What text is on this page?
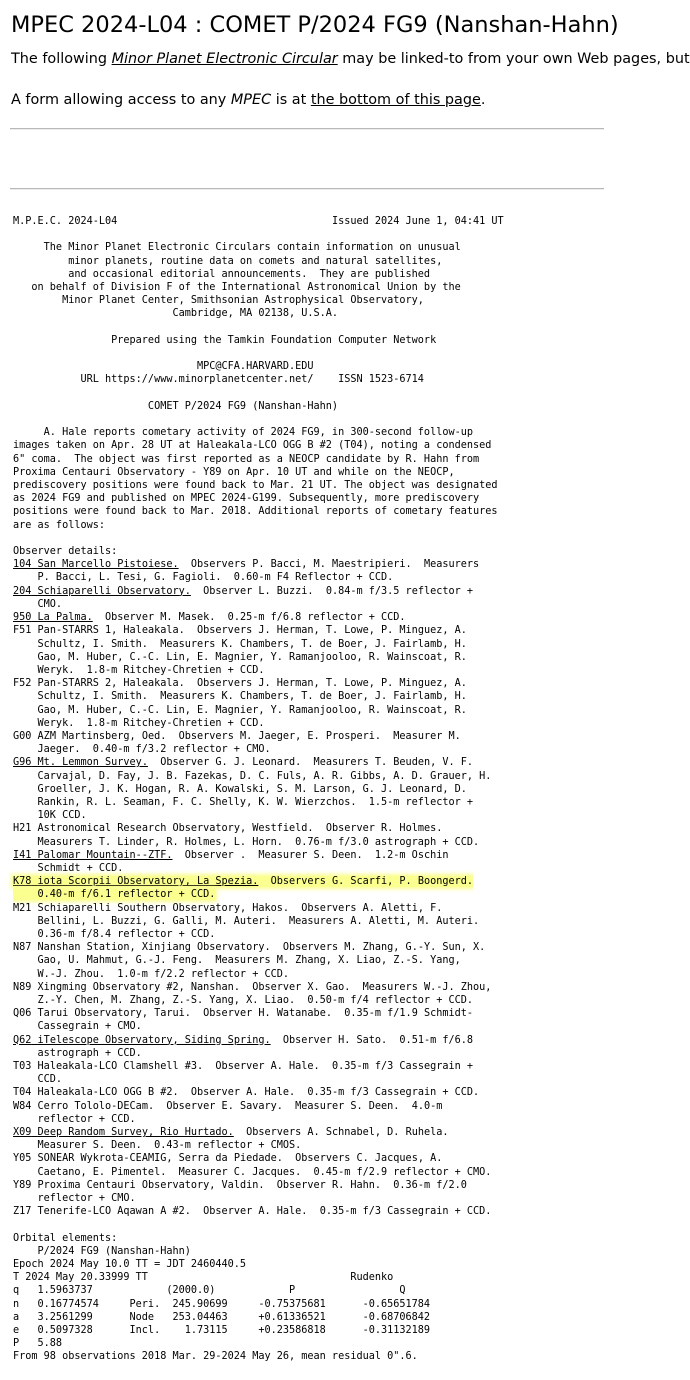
MPEC 2024-L04 : COMET P/2024 FG9 (Nanshan-Hahn)

The following Minor Planet Electronic Circular may be linked-to from your own Web pages, but

A form allowing access to any MPEC is at the bottom of this page.

M.P.E.C. 2024-L04	Issued 2024 June 1, 04:41 UT

The Minor Planet Electronic Circulars contain information on unusual
minor planets, routine data on comets and natural satellites,
and occasional editorial announcements.  They are published
on behalf of Division F of the International Astronomical Union by the
Minor Planet Center, Smithsonian Astrophysical Observatory,
Cambridge, MA 02138, U.S.A.

Prepared using the Tamkin Foundation Computer Network

MPC@CFA.HARVARD.EDU
URL https://www.minorplanetcenter.net/    ISSN 1523-6714

COMET P/2024 FG9 (Nanshan-Hahn)

A. Hale reports cometary activity of 2024 FG9, in 300-second follow-up
images taken on Apr. 28 UT at Haleakala-LCO OGG B #2 (T04), noting a condensed
6" coma.  The object was first reported as a NEOCP candidate by R. Hahn from
Proxima Centauri Observatory - Y89 on Apr. 10 UT and while on the NEOCP,
prediscovery positions were found back to Mar. 21 UT. The object was designated
as 2024 FG9 and published on MPEC 2024-G199. Subsequently, more prediscovery
positions were found back to Mar. 2018. Additional reports of cometary features
are as follows:

Observer details:
104 San Marcello Pistoiese.  Observers P. Bacci, M. Maestripieri.  Measurers
P. Bacci, L. Tesi, G. Fagioli.  0.60-m F4 Reflector + CCD.
204 Schiaparelli Observatory.  Observer L. Buzzi.  0.84-m f/3.5 reflector +
CMO.
950 La Palma.  Observer M. Masek.  0.25-m f/6.8 reflector + CCD.
F51 Pan-STARRS 1, Haleakala.  Observers J. Herman, T. Lowe, P. Minguez, A.
Schultz, I. Smith.  Measurers K. Chambers, T. de Boer, J. Fairlamb, H.
Gao, M. Huber, C.-C. Lin, E. Magnier, Y. Ramanjooloo, R. Wainscoat, R.
Weryk.  1.8-m Ritchey-Chretien + CCD.
F52 Pan-STARRS 2, Haleakala.  Observers J. Herman, T. Lowe, P. Minguez, A.
Schultz, I. Smith.  Measurers K. Chambers, T. de Boer, J. Fairlamb, H.
Gao, M. Huber, C.-C. Lin, E. Magnier, Y. Ramanjooloo, R. Wainscoat, R.
Weryk.  1.8-m Ritchey-Chretien + CCD.
G00 AZM Martinsberg, Oed.  Observers M. Jaeger, E. Prosperi.  Measurer M.
Jaeger.  0.40-m f/3.2 reflector + CMO.
G96 Mt. Lemmon Survey.  Observer G. J. Leonard.  Measurers T. Beuden, V. F.
Carvajal, D. Fay, J. B. Fazekas, D. C. Fuls, A. R. Gibbs, A. D. Grauer, H.
Groeller, J. K. Hogan, R. A. Kowalski, S. M. Larson, G. J. Leonard, D.
Rankin, R. L. Seaman, F. C. Shelly, K. W. Wierzchos.  1.5-m reflector +
10K CCD.
H21 Astronomical Research Observatory, Westfield.  Observer R. Holmes.
Measurers T. Linder, R. Holmes, L. Horn.  0.76-m f/3.0 astrograph + CCD.
I41 Palomar Mountain--ZTF.  Observer .  Measurer S. Deen.  1.2-m Oschin
Schmidt + CCD.
K78 iota Scorpii Observatory, La Spezia.  Observers G. Scarfi, P. Boongerd.
0.40-m f/6.1 reflector + CCD.
M21 Schiaparelli Southern Observatory, Hakos.  Observers A. Aletti, F.
Bellini, L. Buzzi, G. Galli, M. Auteri.  Measurers A. Aletti, M. Auteri.
0.36-m f/8.4 reflector + CCD.
N87 Nanshan Station, Xinjiang Observatory.  Observers M. Zhang, G.-Y. Sun, X.
Gao, U. Mahmut, G.-J. Feng.  Measurers M. Zhang, X. Liao, Z.-S. Yang,
W.-J. Zhou.  1.0-m f/2.2 reflector + CCD.
N89 Xingming Observatory #2, Nanshan.  Observer X. Gao.  Measurers W.-J. Zhou,
Z.-Y. Chen, M. Zhang, Z.-S. Yang, X. Liao.  0.50-m f/4 reflector + CCD.
Q06 Tarui Observatory, Tarui.  Observer H. Watanabe.  0.35-m f/1.9 Schmidt-
Cassegrain + CMO.
Q62 iTelescope Observatory, Siding Spring.  Observer H. Sato.  0.51-m f/6.8
astrograph + CCD.
T03 Haleakala-LCO Clamshell #3.  Observer A. Hale.  0.35-m f/3 Cassegrain +
CCD.
T04 Haleakala-LCO OGG B #2.  Observer A. Hale.  0.35-m f/3 Cassegrain + CCD.
W84 Cerro Tololo-DECam.  Observer E. Savary.  Measurer S. Deen.  4.0-m
reflector + CCD.
X09 Deep Random Survey, Rio Hurtado.  Observers A. Schnabel, D. Ruhela.
Measurer S. Deen.  0.43-m reflector + CMOS.
Y05 SONEAR Wykrota-CEAMIG, Serra da Piedade.  Observers C. Jacques, A.
Caetano, E. Pimentel.  Measurer C. Jacques.  0.45-m f/2.9 reflector + CMO.
Y89 Proxima Centauri Observatory, Valdin.  Observer R. Hahn.  0.36-m f/2.0
reflector + CMO.
Z17 Tenerife-LCO Aqawan A #2.  Observer A. Hale.  0.35-m f/3 Cassegrain + CCD.

Orbital elements:
P/2024 FG9 (Nanshan-Hahn)
Epoch 2024 May 10.0 TT = JDT 2460440.5
T 2024 May 20.33999 TT                                 Rudenko
q   1.5963737            (2000.0)            P                 Q
n   0.16774574     Peri.  245.90699     -0.75375681      -0.65651784
a   3.2561299      Node   253.04463     +0.61336521      -0.68706842
e   0.5097328      Incl.    1.73115     +0.23586818      -0.31132189
P   5.88
From 98 observations 2018 Mar. 29-2024 May 26, mean residual 0".6.
